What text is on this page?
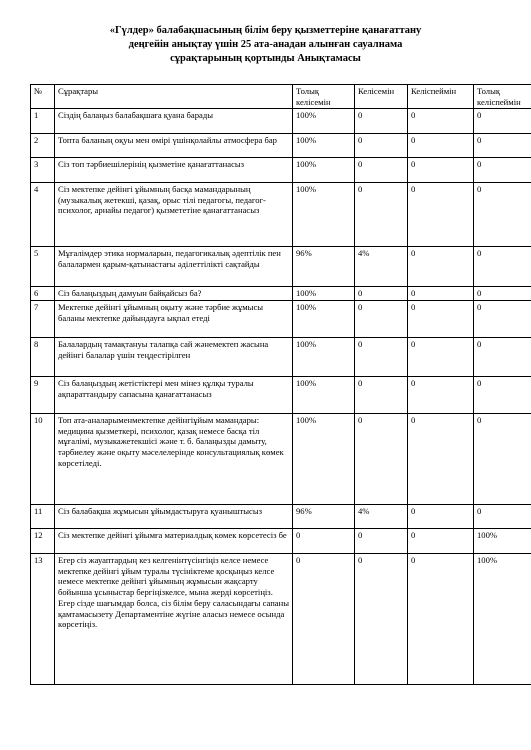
«Гүлдер» балабақшасының білім беру қызметтеріне қанағаттану
деңгейін анықтау үшін 25 ата-анадан алынған сауалнама
сұрақтарының қортынды Анықтамасы
№	Сұрақтары	Толық келісемін	Келісемін	Келіспеймін	Толық келіспеймін
1	Сіздің балаңыз балабақшаға қуана барады	100%	0	0	0
2	Топта баланың оқуы мен өмірі үшінқолайлы атмосфера бар	100%	0	0	0
3	Сіз топ тәрбиешілерінің қызметіне қанағаттанасыз	100%	0	0	0
4	Сіз мектепке дейінгі ұйымның басқа мамандарының (музыкалық жетекші, қазақ, орыс тілі педагогы, педагог-психолог, арнайы педагог) қызмететіне қанағаттанасыз	100%	0	0	0
5	Мұғалімдер этика нормаларын, педагогикалық әдептілік пен балалармен қарым-қатынастағы әділеттілікті сақтайды	96%	4%	0	0
6	Сіз балаңыздың дамуын байқайсыз ба?	100%	0	0	0
7	Мектепке дейінгі ұйымның оқыту және тәрбие жұмысы баланы мектепке дайындауға ықпал етеді	100%	0	0	0
8	Балалардың тамақтануы талапқа сай жәнемектеп жасына дейінгі балалар үшін теңдестірілген	100%	0	0	0
9	Сіз балаңыздың жетістіктері мен мінез құлқы туралы ақпараттандыру сапасына қанағаттанасыз	100%	0	0	0
10	Топ ата-аналарыменмектепке дейінгіұйым мамандары: медицина қызметкері, психолог, қазақ немесе басқа тіл мұғалімі, музыкажетекшісі және т. б. балаңызды дамыту, тәрбиелеу және оқыту мәселелерінде консультациялық көмек көрсетіледі.	100%	0	0	0
11	Сіз балабақша жұмысын ұйымдастыруға қуаныштысыз	96%	4%	0	0
12	Сіз мектепке дейінгі ұйымға материалдық көмек көрсетесіз бе	0	0	0	100%
13	Егер сіз жауаптардың кез келгенінтүсінгіңіз келсе немесе мектепке дейінгі ұйым туралы түсініктеме қосқыңыз келсе немесе мектепке дейінгі ұйымның жұмысын жақсарту бойынша ұсыныстар бергіңізкелсе, мына жерді көрсетіңіз. Егер сізде шағымдар болса, сіз білім беру саласындағы сапаны қамтамасызету Департаментіне жүгіне аласыз немесе осында көрсетіңіз.	0	0	0	100%
